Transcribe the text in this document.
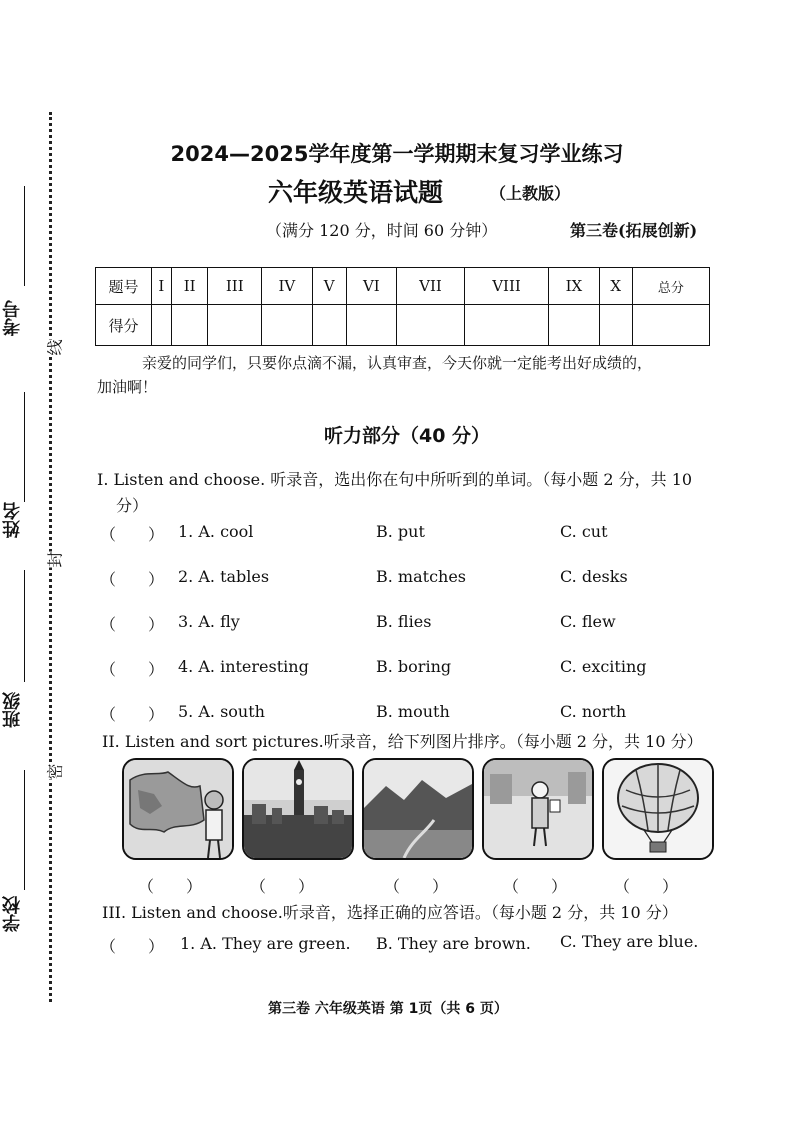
考号
姓名
班级
学校
线
封
密
2024—2025学年度第一学期期末复习学业练习
六年级英语试题	（上教版）
（满分 120 分，时间 60 分钟）	第三卷(拓展创新)
题号	I	II	III	IV	V	VI	VII	VIII	IX	X	总分
得分											
亲爱的同学们，只要你点滴不漏，认真审查，今天你就一定能考出好成绩的，
加油啊！
听力部分（40 分）
I. Listen and choose. 听录音，选出你在句中所听到的单词。（每小题 2 分，共 10
分）
（　　） 1. A. cool	B. put	C. cut
（　　） 2. A. tables	B. matches	C. desks
（　　） 3. A. fly	B. flies	C. flew
（　　） 4. A. interesting	B. boring	C. exciting
（　　） 5. A. south	B. mouth	C. north
II. Listen and sort pictures.听录音，给下列图片排序。（每小题 2 分，共 10 分）
（　　）	（　　）	（　　）	（　　）	（　　）
III. Listen and choose.听录音，选择正确的应答语。（每小题 2 分，共 10 分）
（　　） 1. A. They are green. B. They are brown. C. They are blue.
第三卷 六年级英语 第 1页（共 6 页）
